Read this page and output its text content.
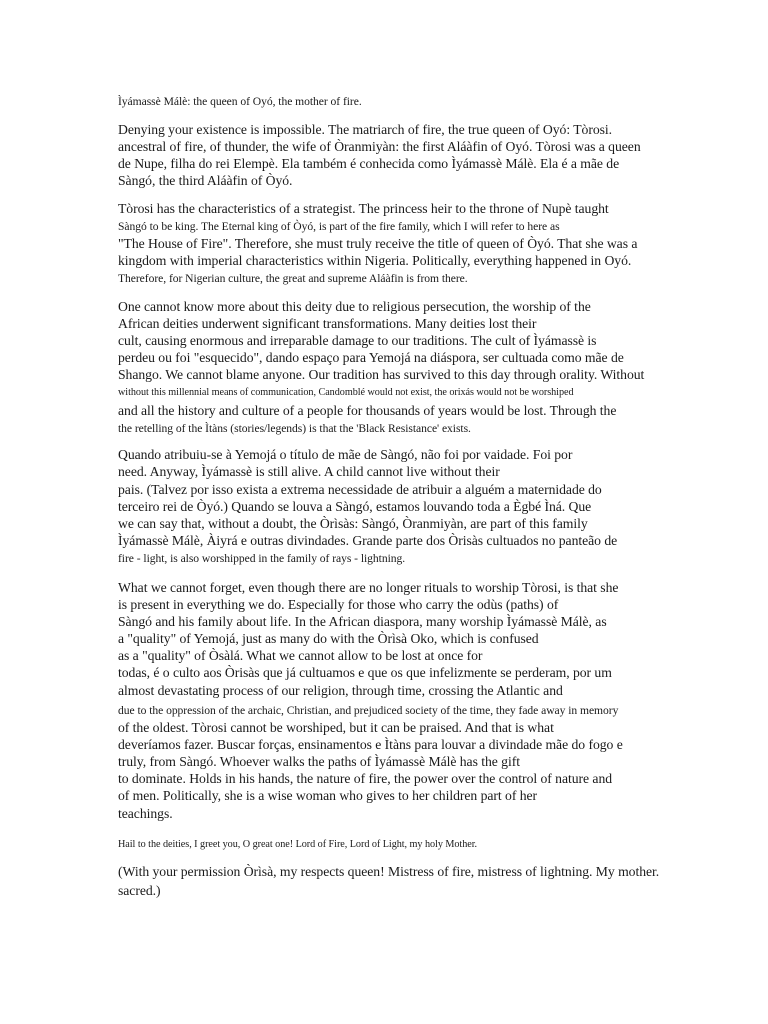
Ìyámassè Málè: the queen of Oyó, the mother of fire.
Denying your existence is impossible. The matriarch of fire, the true queen of Oyó: Tòrosi.
ancestral of fire, of thunder, the wife of Òranmiyàn: the first Aláàfin of Oyó. Tòrosi was a queen
de Nupe, filha do rei Elempè. Ela também é conhecida como Ìyámassè Málè. Ela é a mãe de
Sàngó, the third Aláàfin of Òyó.
Tòrosi has the characteristics of a strategist. The princess heir to the throne of Nupè taught
Sàngó to be king. The Eternal king of Òyó, is part of the fire family, which I will refer to here as
"The House of Fire". Therefore, she must truly receive the title of queen of Òyó. That she was a
kingdom with imperial characteristics within Nigeria. Politically, everything happened in Oyó.
Therefore, for Nigerian culture, the great and supreme Aláàfin is from there.
One cannot know more about this deity due to religious persecution, the worship of the
African deities underwent significant transformations. Many deities lost their
cult, causing enormous and irreparable damage to our traditions. The cult of Ìyámassè is
perdeu ou foi "esquecido", dando espaço para Yemojá na diáspora, ser cultuada como mãe de
Shango. We cannot blame anyone. Our tradition has survived to this day through orality. Without
without this millennial means of communication, Candomblé would not exist, the orixás would not be worshiped
and all the history and culture of a people for thousands of years would be lost. Through the
the retelling of the Ìtàns (stories/legends) is that the 'Black Resistance' exists.
Quando atribuiu-se à Yemojá o título de mãe de Sàngó, não foi por vaidade. Foi por
need. Anyway, Ìyámassè is still alive. A child cannot live without their
pais. (Talvez por isso exista a extrema necessidade de atribuir a alguém a maternidade do
terceiro rei de Òyó.) Quando se louva a Sàngó, estamos louvando toda a Ègbé Ìná. Que
we can say that, without a doubt, the Òrìsàs: Sàngó, Òranmiyàn, are part of this family
Ìyámassè Málè, Àiyrá e outras divindades. Grande parte dos Òrisàs cultuados no panteão de
fire - light, is also worshipped in the family of rays - lightning.
What we cannot forget, even though there are no longer rituals to worship Tòrosi, is that she
is present in everything we do. Especially for those who carry the odùs (paths) of
Sàngó and his family about life. In the African diaspora, many worship Ìyámassè Málè, as
a "quality" of Yemojá, just as many do with the Òrìsà Oko, which is confused
as a "quality" of Òsàlá. What we cannot allow to be lost at once for
todas, é o culto aos Òrisàs que já cultuamos e que os que infelizmente se perderam, por um
almost devastating process of our religion, through time, crossing the Atlantic and
due to the oppression of the archaic, Christian, and prejudiced society of the time, they fade away in memory
of the oldest. Tòrosi cannot be worshiped, but it can be praised. And that is what
deveríamos fazer. Buscar forças, ensinamentos e Ìtàns para louvar a divindade mãe do fogo e
truly, from Sàngó. Whoever walks the paths of Ìyámassè Málè has the gift
to dominate. Holds in his hands, the nature of fire, the power over the control of nature and
of men. Politically, she is a wise woman who gives to her children part of her
teachings.
Hail to the deities, I greet you, O great one! Lord of Fire, Lord of Light, my holy Mother.
(With your permission Òrìsà, my respects queen! Mistress of fire, mistress of lightning. My mother.
sacred.)
